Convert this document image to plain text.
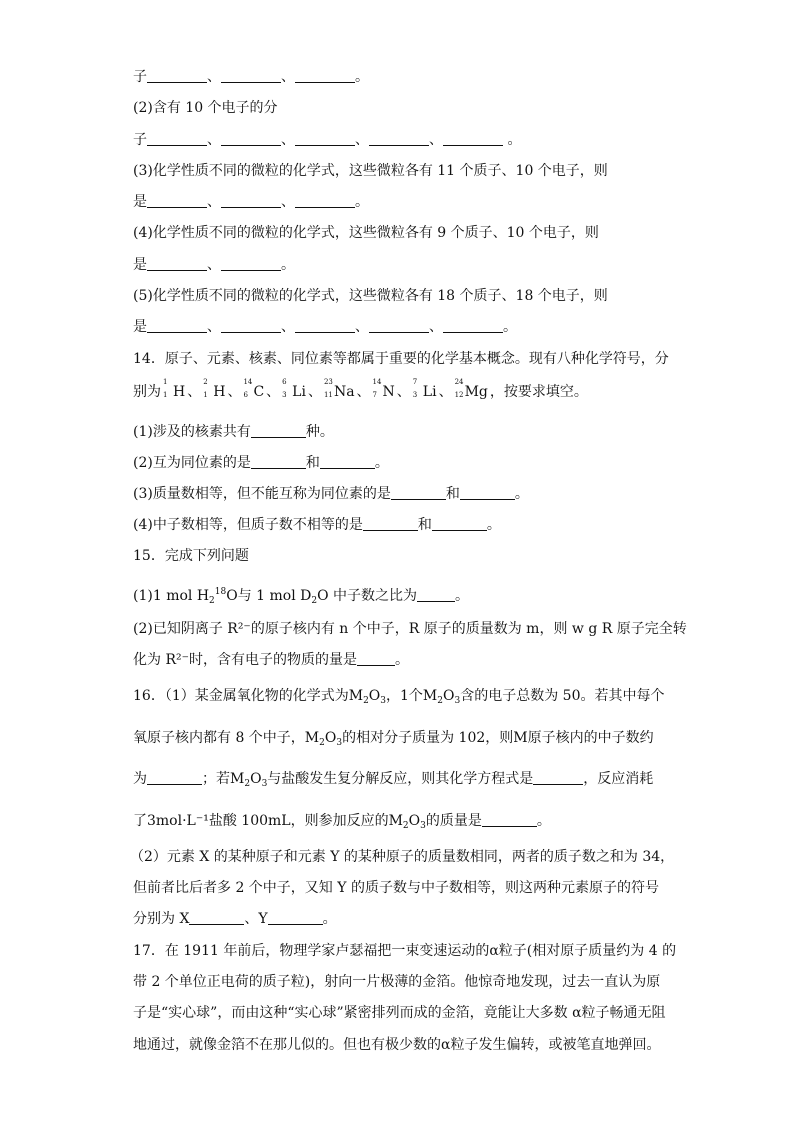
子	、	、	。
(2)含有 10 个电子的分
子	、	、	、	、	。
(3)化学性质不同的微粒的化学式，这些微粒各有 11 个质子、10 个电子，则
是	、	、	。
(4)化学性质不同的微粒的化学式，这些微粒各有 9 个质子、10 个电子，则
是	、	。
(5)化学性质不同的微粒的化学式，这些微粒各有 18 个质子、18 个电子，则
是	、	、	、	、	。
14．原子、元素、核素、同位素等都属于重要的化学基本概念。现有八种化学符号，分
别为
1
1 H 、
2
1 H 、
14
6 C 、
6
3 Li 、
23
11 Na 、
14
7 N 、
7
3 Li 、
24
12 Mg ，按要求填空。
(1)涉及的核素共有	种。
(2)互为同位素的是	和	。
(3)质量数相等，但不能互称为同位素的是	和	。
(4)中子数相等，但质子数不相等的是	和	。
15．完成下列问题
(1)1 mol $H_2^{18}O$与 1 mol $D_2O$ 中子数之比为	。
(2)已知阴离子 R²⁻的原子核内有 n 个中子，R 原子的质量数为 m，则 w g R 原子完全转
化为 R²⁻时，含有电子的物质的量是	。
16．（1）某金属氧化物的化学式为$M_2O_3$，1个$M_2O_3$含的电子总数为 50。若其中每个
氧原子核内都有 8 个中子，$M_2O_3$的相对分子质量为 102，则M原子核内的中子数约
为	；若$M_2O_3$与盐酸发生复分解反应，则其化学方程式是	，反应消耗
了3mol·L⁻¹盐酸 100mL，则参加反应的$M_2O_3$的质量是	。
（2）元素 X 的某种原子和元素 Y 的某种原子的质量数相同，两者的质子数之和为 34，
但前者比后者多 2 个中子，又知 Y 的质子数与中子数相等，则这两种元素原子的符号
分别为 X	、Y	。
17．在 1911 年前后，物理学家卢瑟福把一束变速运动的α粒子(相对原子质量约为 4 的
带 2 个单位正电荷的质子粒)，射向一片极薄的金箔。他惊奇地发现，过去一直认为原
子是“实心球”，而由这种“实心球”紧密排列而成的金箔，竟能让大多数 α粒子畅通无阻
地通过，就像金箔不在那儿似的。但也有极少数的α粒子发生偏转，或被笔直地弹回。
